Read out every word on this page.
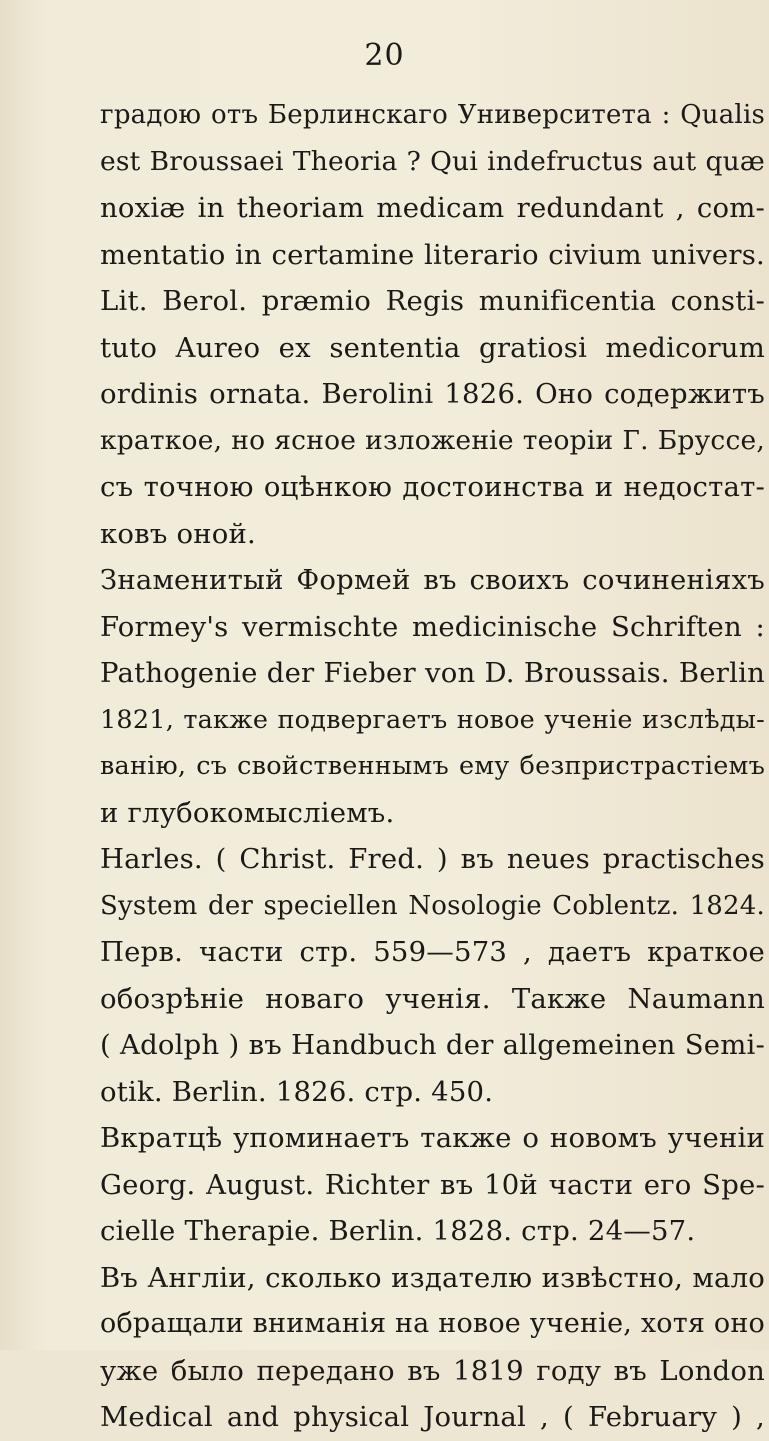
20
градою отъ Берлинскаго Университета : Qualis
est Broussaei Theoria ? Qui indefructus aut quæ
noxiæ in theoriam medicam redundant , com-
mentatio in certamine literario civium univers.
Lit. Berol. præmio Regis munificentia consti-
tuto Aureo ex sententia gratiosi medicorum
ordinis ornata. Berolini 1826. Оно содержитъ
краткое, но ясное изложеніе теоріи Г. Бруссе,
съ точною оцѣнкою достоинства и недостат-
ковъ оной.
Знаменитый Формей въ своихъ сочиненіяхъ
Formey's vermischte medicinische Schriften :
Pathogenie der Fieber von D. Broussais. Berlin
1821, также подвергаетъ новое ученіе изслѣды-
ванію, съ свойственнымъ ему безпристрастіемъ
и глубокомысліемъ.
Harles. ( Christ. Fred. ) въ neues practisches
System der speciellen Nosologie Coblentz. 1824.
Перв. части стр. 559—573 , даетъ краткое
обозрѣніе новаго ученія. Также Naumann
( Adolph ) въ Handbuch der allgemeinen Semi-
otik. Berlin. 1826. стр. 450.
Вкратцѣ упоминаетъ также о новомъ ученіи
Georg. August. Richter въ 10й части его Spe-
cielle Therapie. Berlin. 1828. стр. 24—57.
Въ Англіи, сколько издателю извѣстно, мало
обращали вниманія на новое ученіе, хотя оно
уже было передано въ 1819 году въ London
Medical and physical Journal , ( February ) ,
